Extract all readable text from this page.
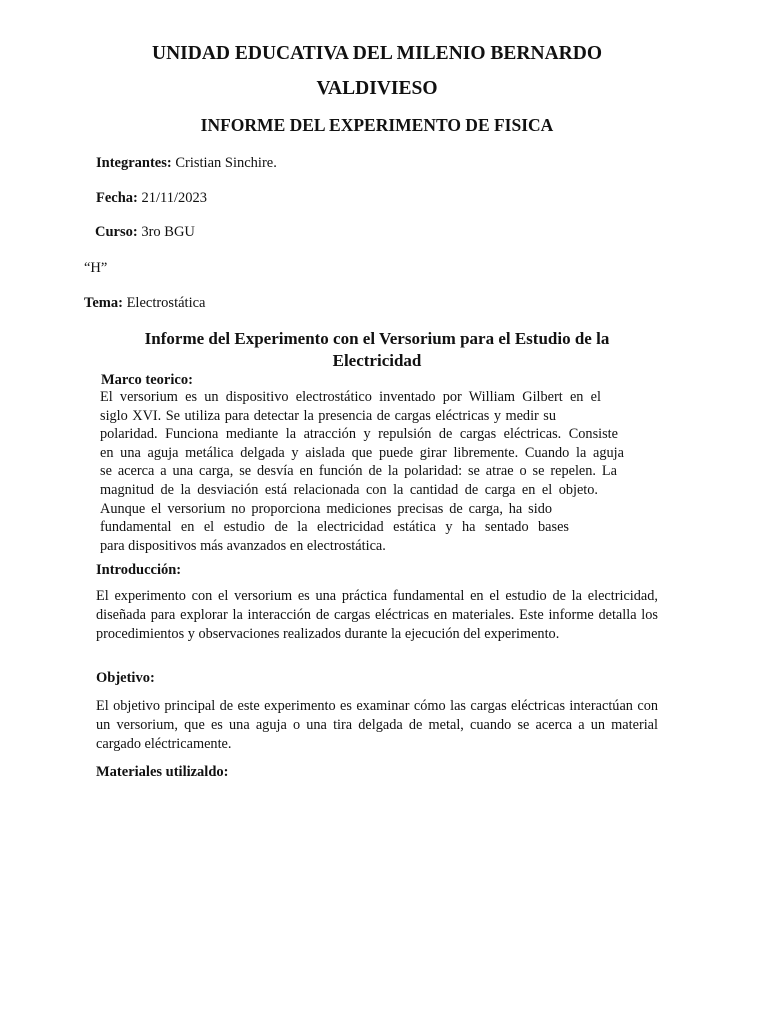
UNIDAD EDUCATIVA DEL MILENIO BERNARDO
VALDIVIESO
INFORME DEL EXPERIMENTO DE FISICA
Integrantes: Cristian Sinchire.
Fecha: 21/11/2023
Curso: 3ro BGU
“H”
Tema: Electrostática
Informe del Experimento con el Versorium para el Estudio de la
Electricidad
Marco teorico:
El versorium es un dispositivo electrostático inventado por William Gilbert en el
siglo XVI. Se utiliza para detectar la presencia de cargas eléctricas y medir su
polaridad. Funciona mediante la atracción y repulsión de cargas eléctricas. Consiste
en una aguja metálica delgada y aislada que puede girar libremente. Cuando la aguja
se acerca a una carga, se desvía en función de la polaridad: se atrae o se repelen. La
magnitud de la desviación está relacionada con la cantidad de carga en el objeto.
Aunque el versorium no proporciona mediciones precisas de carga, ha sido
fundamental en el estudio de la electricidad estática y ha sentado bases
para dispositivos más avanzados en electrostática.
Introducción:

El experimento con el versorium es una práctica fundamental en el estudio de la electricidad, diseñada para explorar la interacción de cargas eléctricas en materiales. Este informe detalla los procedimientos y observaciones realizados durante la ejecución del experimento.

Objetivo:

El objetivo principal de este experimento es examinar cómo las cargas eléctricas interactúan con un versorium, que es una aguja o una tira delgada de metal, cuando se acerca a un material cargado eléctricamente.

Materiales utilizaldo:
